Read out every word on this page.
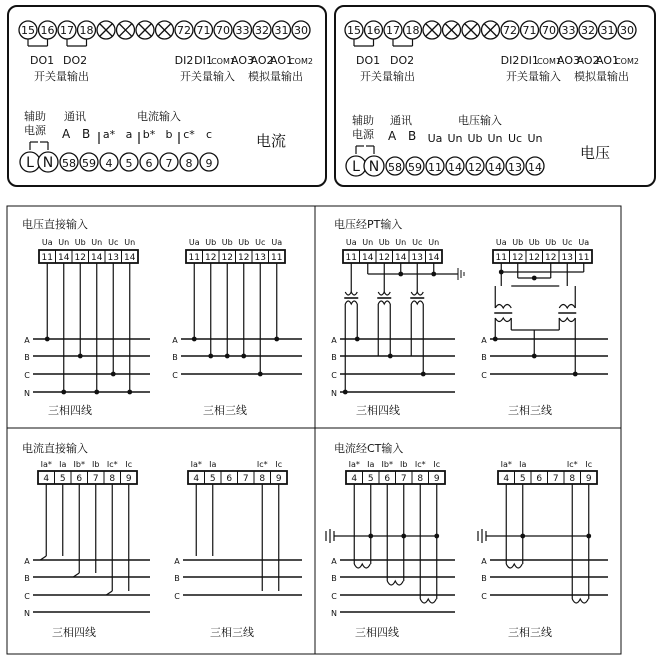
15 16 17 18	72 71 70 33 32 31 30
DO1 DO2
开关量输出
DI2 DI1
COM1
AO3
AO2
AO1
COM2
开关量输入 模拟量输出
辅助
电源
通讯
A B
电流输入
a* a b* b c* c	电流
L N 58 59 4 5 6 7 8 9
15 16 17 18	72 71 70 33 32 31 30
DO1 DO2
开关量输出
DI2 DI1
COM1
AO3
AO2
AO1
COM2
开关量输入 模拟量输出
辅助
电源
通讯
A B
电压输入
Ua Un Ub Un Uc Un
电压
L N 58 59 11 14 12 14 13 14
电压直接输入
三相四线	三相三线
11 14 12 14 13 14
Ua Un Ub Un Uc Un
A
B
C
N
11 12 12 12 13 11
Ua Ub Ub Ub Uc Ua
A
B
C
电压经PT输入
三相四线	三相三线
11 14 12 14 13 14
Ua Un Ub Un Uc Un
A
B
C
N
11 12 12 12 13 11
Ua Ub Ub Ub Uc Ua
A
B
C
电流直接输入
三相四线	三相三线
4 5 6 7 8 9
Ia* Ia Ib* Ib Ic* Ic
A
B
C
N
4 5 6 7 8 9
Ia* Ia	Ic* Ic
A
B
C
电流经CT输入
三相四线	三相三线
4 5 6 7 8 9
Ia* Ia Ib* Ib Ic* Ic
A
B
C
N
4 5 6 7 8 9
Ia* Ia	Ic* Ic
A
B
C
